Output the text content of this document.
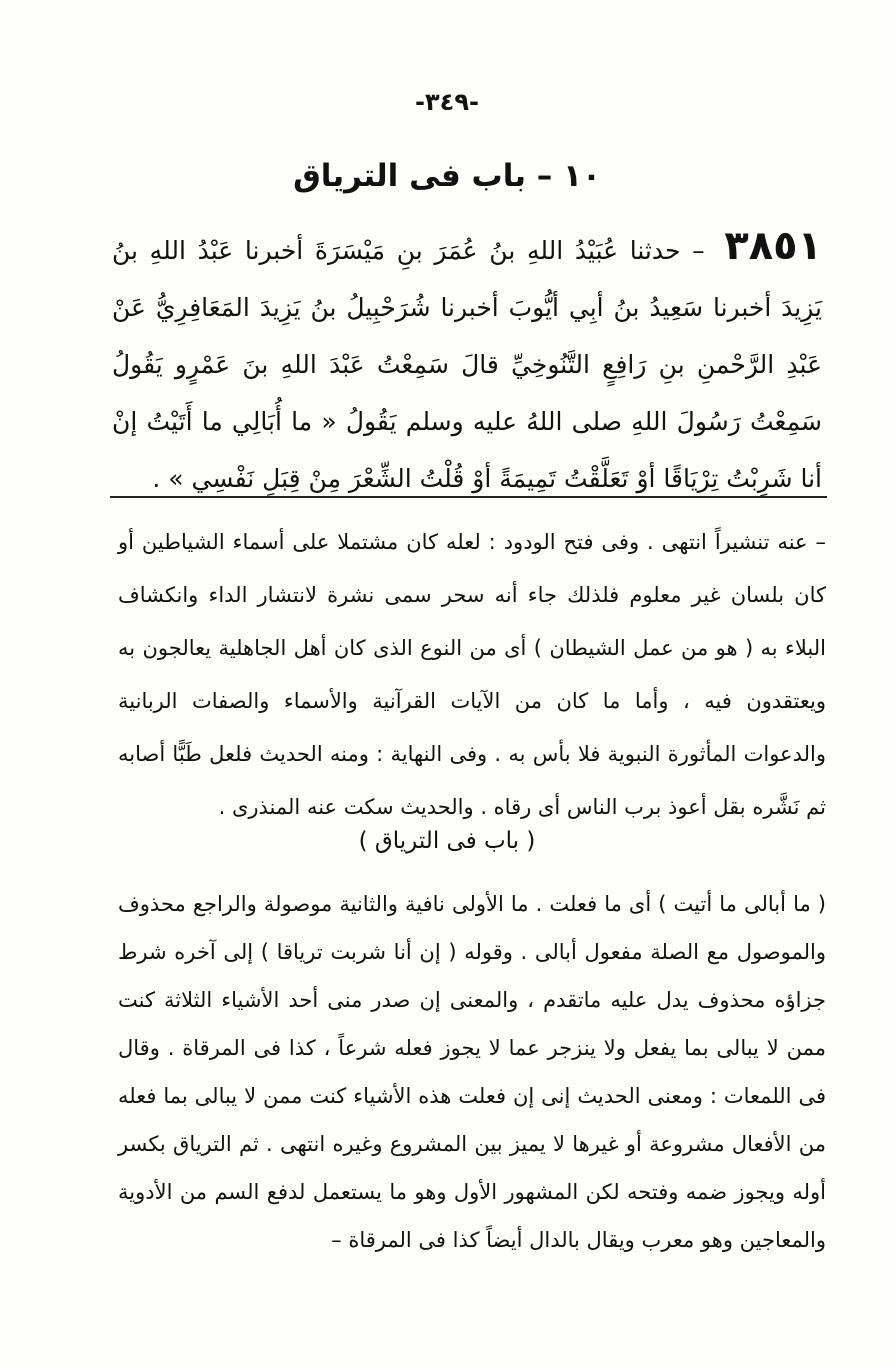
-٣٤٩-
١٠ – باب فى الترياق
٣٨٥١ – حدثنا عُبَيْدُ اللهِ بنُ عُمَرَ بنِ مَيْسَرَةَ أخبرنا عَبْدُ اللهِ بنُ يَزِيدَ أخبرنا سَعِيدُ بنُ أبِي أيُّوبَ أخبرنا شُرَحْبِيلُ بنُ يَزِيدَ المَعَافِرِيُّ عَنْ عَبْدِ الرَّحْمنِ بنِ رَافِعٍ التَّنُوخِيِّ قالَ سَمِعْتُ عَبْدَ اللهِ بنَ عَمْرٍو يَقُولُ سَمِعْتُ رَسُولَ اللهِ صلى اللهُ عليه وسلم يَقُولُ « ما أُبَالِي ما أَتَيْتُ إنْ أنا شَرِبْتُ تِرْيَاقًا أوْ تَعَلَّقْتُ تَمِيمَةً أوْ قُلْتُ الشِّعْرَ مِنْ قِبَلِ نَفْسِي » .
– عنه تنشيراً انتهى . وفى فتح الودود : لعله كان مشتملا على أسماء الشياطين أو كان بلسان غير معلوم فلذلك جاء أنه سحر سمى نشرة لانتشار الداء وانكشاف البلاء به ( هو من عمل الشيطان ) أى من النوع الذى كان أهل الجاهلية يعالجون به ويعتقدون فيه ، وأما ما كان من الآيات القرآنية والأسماء والصفات الربانية والدعوات المأثورة النبوية فلا بأس به . وفى النهاية : ومنه الحديث فلعل طَبًّا أصابه ثم نَشَّره بقل أعوذ برب الناس أى رقاه . والحديث سكت عنه المنذرى .
( باب فى الترياق )
( ما أبالى ما أتيت ) أى ما فعلت . ما الأولى نافية والثانية موصولة والراجع محذوف والموصول مع الصلة مفعول أبالى . وقوله ( إن أنا شربت ترياقا ) إلى آخره شرط جزاؤه محذوف يدل عليه ماتقدم ، والمعنى إن صدر منى أحد الأشياء الثلاثة كنت ممن لا يبالى بما يفعل ولا ينزجر عما لا يجوز فعله شرعاً ، كذا فى المرقاة . وقال فى اللمعات : ومعنى الحديث إنى إن فعلت هذه الأشياء كنت ممن لا يبالى بما فعله من الأفعال مشروعة أو غيرها لا يميز بين المشروع وغيره انتهى . ثم الترياق بكسر أوله ويجوز ضمه وفتحه لكن المشهور الأول وهو ما يستعمل لدفع السم من الأدوية والمعاجين وهو معرب ويقال بالدال أيضاً كذا فى المرقاة –
